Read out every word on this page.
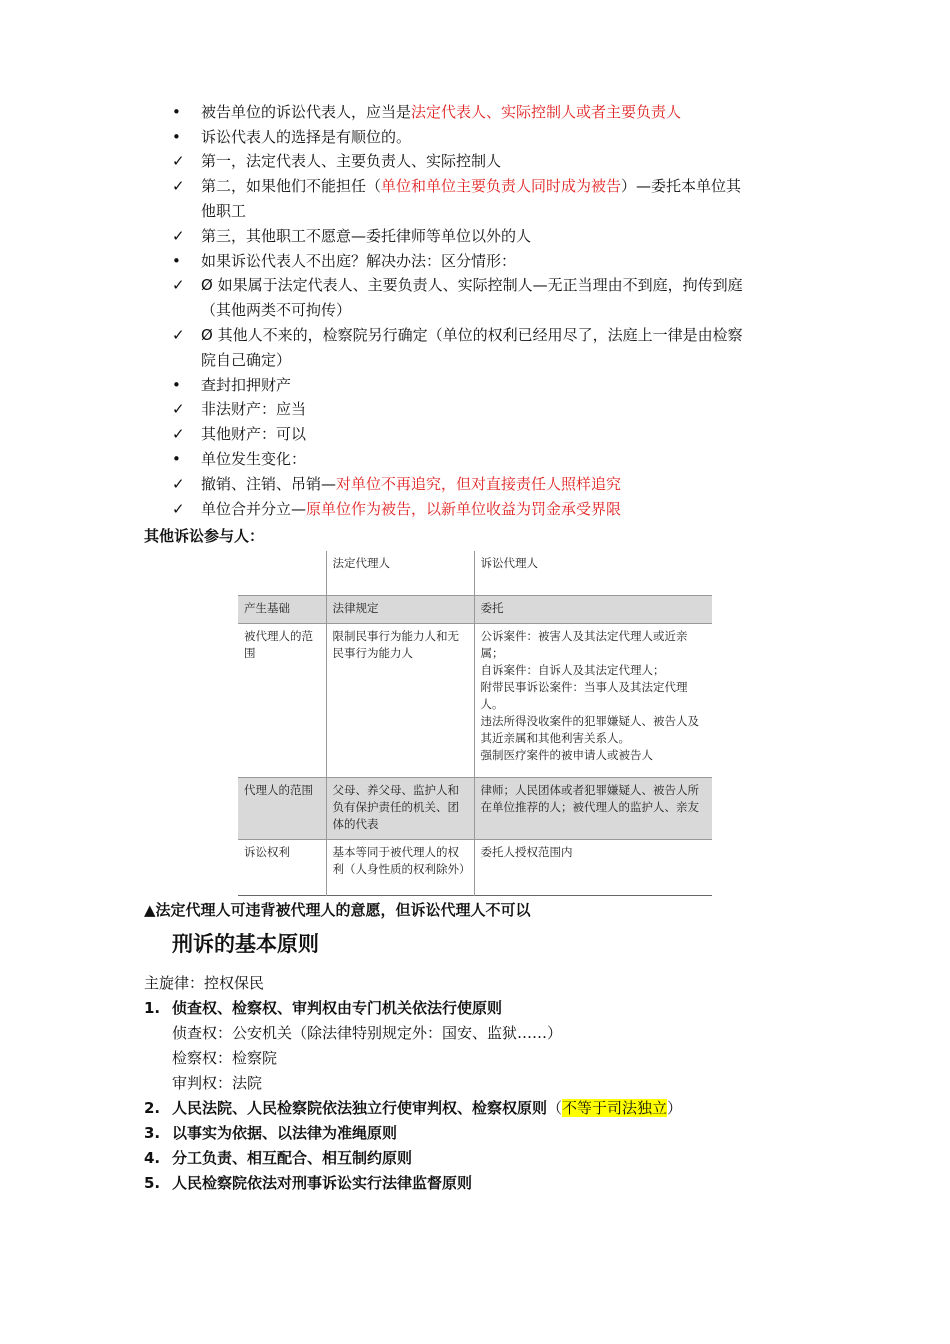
• 被告单位的诉讼代表人，应当是法定代表人、实际控制人或者主要负责人
• 诉讼代表人的选择是有顺位的。
✓ 第一，法定代表人、主要负责人、实际控制人
✓ 第二，如果他们不能担任（单位和单位主要负责人同时成为被告）—委托本单位其
他职工
✓ 第三，其他职工不愿意—委托律师等单位以外的人
• 如果诉讼代表人不出庭？解决办法：区分情形：
✓ Ø 如果属于法定代表人、主要负责人、实际控制人—无正当理由不到庭，拘传到庭
（其他两类不可拘传）
✓ Ø 其他人不来的，检察院另行确定（单位的权利已经用尽了，法庭上一律是由检察
院自己确定）
• 查封扣押财产
✓ 非法财产：应当
✓ 其他财产：可以
• 单位发生变化：
✓ 撤销、注销、吊销—对单位不再追究，但对直接责任人照样追究
✓ 单位合并分立—原单位作为被告，以新单位收益为罚金承受界限
其他诉讼参与人：
	法定代理人	诉讼代理人
产生基础	法律规定	委托
被代理人的范围	限制民事行为能力人和无民事行为能力人	公诉案件：被害人及其法定代理人或近亲属；
自诉案件：自诉人及其法定代理人；
附带民事诉讼案件：当事人及其法定代理人。
违法所得没收案件的犯罪嫌疑人、被告人及其近亲属和其他利害关系人。
强制医疗案件的被申请人或被告人
代理人的范围	父母、养父母、监护人和负有保护责任的机关、团体的代表	律师；人民团体或者犯罪嫌疑人、被告人所在单位推荐的人；被代理人的监护人、亲友
诉讼权利	基本等同于被代理人的权利（人身性质的权利除外）	委托人授权范围内
▲法定代理人可违背被代理人的意愿，但诉讼代理人不可以
刑诉的基本原则
主旋律：控权保民
1. 侦查权、检察权、审判权由专门机关依法行使原则
侦查权：公安机关（除法律特别规定外：国安、监狱……）
检察权：检察院
审判权：法院
2. 人民法院、人民检察院依法独立行使审判权、检察权原则（不等于司法独立）
3. 以事实为依据、以法律为准绳原则
4. 分工负责、相互配合、相互制约原则
5. 人民检察院依法对刑事诉讼实行法律监督原则
